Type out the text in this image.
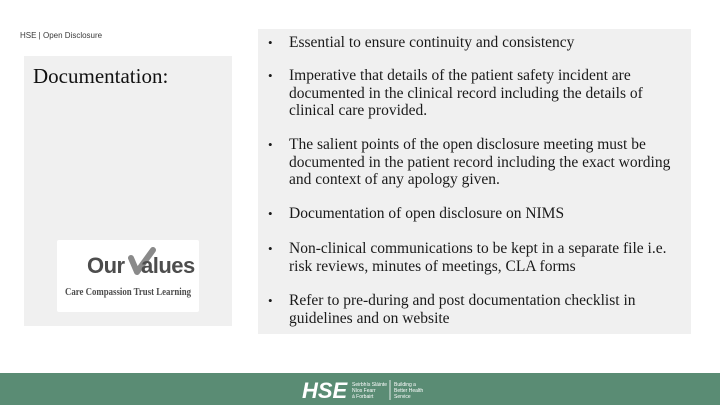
HSE | Open Disclosure
Documentation:
Our alues
Care Compassion Trust Learning
• Essential to ensure continuity and consistency
• Imperative that details of the patient safety incident are documented in the clinical record including the details of clinical care provided.
• The salient points of the open disclosure meeting must be documented in the patient record including the exact wording and context of any apology given.
• Documentation of open disclosure on NIMS
• Non-clinical communications to be kept in a separate file i.e. risk reviews, minutes of meetings, CLA forms
• Refer to pre-during and post documentation checklist in guidelines and on website
HSE Seirbhís Sláinte
Níos Fearr
á Forbairt
Building a
Better Health
Service
